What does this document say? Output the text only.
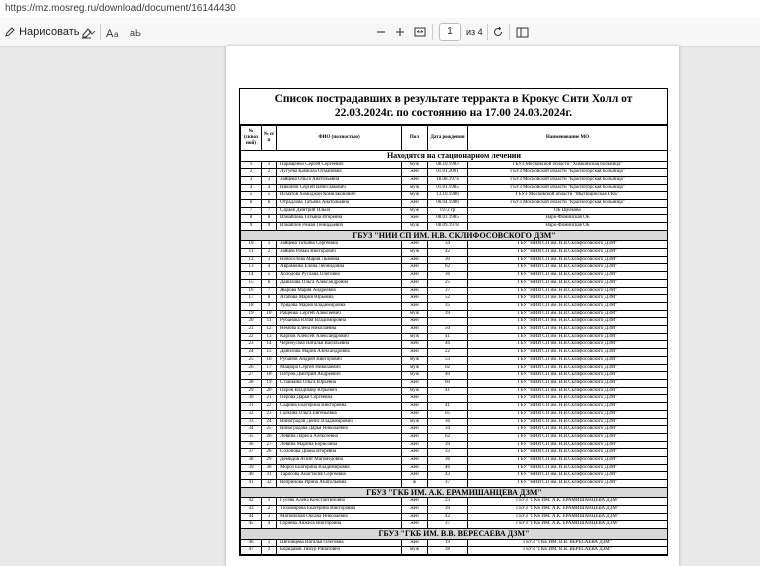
https://mz.mosreg.ru/download/document/16144430
Нарисовать	A a aЬ	1	из 4
Список пострадавших в результате терракта в Крокус Сити Холл от 22.03.2024г. по состоянию на 17.00 24.03.2024г.
№ (сквоз ной)	№ п/п	ФИО (полностью)	Пол	Дата рождения	Наименование МО
Находятся на стационарном лечении					
1	1	Паращенко Сергей Сергеевич	муж	08.10.1983	ГБУЗ Московской области "Химкинская больница"
2	2	Лугуева Камилла Османовна	жен	01.01.2001	ГБУЗ Московской области "Красногорская больница"
3	3	Зайцева Ольга Анатольевна	жен	18.08.1974	ГБУЗ Московской области "Красногорская больница"
4	4	Никонов Сергей Вячеславович	муж	01.01.1985	ГБУЗ Московской области "Красногорская больница"
5	5	Исматов Хомиджон Комилжонович	муж	13.10.1986	ГБУЗ Московской области "Мытищинская ГКБ"
6	6	Отрадлова Татьяна Анатольевна	жен	06.04.1986	ГБУЗ Московской области "Красногорская больница"
7	7	Сараев Дмитрий Ильич	муж	1972 гр	ОБ Щелково
8	8	Измайлова Татьяна Игоревна	жен	08.03.1985	Наро-Фоминская ОБ
9	9	Измайлов Роман Геннадьевич	муж	08.09.1978	Наро-Фоминская ОБ
ГБУЗ "НИИ СП ИМ. Н.В. СКЛИФОСОВСКОГО ДЗМ"					
10	1	Зайцева Татьяна Сергеевна	жен	34	ГБУ "НИИ СП им. Н.В.Склифосовского ДЗМ"
11	2	Зайцев Роман Викторович	муж	42	ГБУ "НИИ СП им. Н.В.Склифосовского ДЗМ"
12	3	Новосёлова Мария Львовна	жен	30	ГБУ "НИИ СП им. Н.В.Склифосовского ДЗМ"
13	4	Авраменко Елена Леонидовна	жен	62	ГБУ "НИИ СП им. Н.В.Склифосовского ДЗМ"
14	5	Холодова Руслана Олеговна	жен	36	ГБУ "НИИ СП им. Н.В.Склифосовского ДЗМ"
15	6	Данилова Ольга Александровна	жен	25	ГБУ "НИИ СП им. Н.В.Склифосовского ДЗМ"
16	7	Жарова Мария Андреевна	жен	37	ГБУ "НИИ СП им. Н.В.Склифосовского ДЗМ"
17	8	Агапова Мария Юрьевна	жен	52	ГБУ "НИИ СП им. Н.В.Склифосовского ДЗМ"
18	9	Урядова Мария Владимировна	жен	35	ГБУ "НИИ СП им. Н.В.Склифосовского ДЗМ"
19	10	Ращенко Сергей Алексеевич	муж	39	ГБУ "НИИ СП им. Н.В.Склифосовского ДЗМ"
20	11	Рубанова Юлия Владимировна	жен		ГБУ "НИИ СП им. Н.В.Склифосовского ДЗМ"
21	12	Немова Елена Николаевна	жен	50	ГБУ "НИИ СП им. Н.В.Склифосовского ДЗМ"
22	13	Карпов Алексей Александрович	муж	41	ГБУ "НИИ СП им. Н.В.Склифосовского ДЗМ"
23	14	Черноусова Наталья Васильевна	жен	46	ГБУ "НИИ СП им. Н.В.Склифосовского ДЗМ"
24	15	Данилова Мария Александровна	жен	22	ГБУ "НИИ СП им. Н.В.Склифосовского ДЗМ"
25	16	Рубанов Андрей Викторович	муж	53	ГБУ "НИИ СП им. Н.В.Склифосовского ДЗМ"
26	17	Мацюра Сергей Николаевич	муж	62	ГБУ "НИИ СП им. Н.В.Склифосовского ДЗМ"
27	18	Петров Дмитрий Андреевич	муж	40	ГБУ "НИИ СП им. Н.В.Склифосовского ДЗМ"
28	19	Сташкина Ольга Юрьевна	жен	60	ГБУ "НИИ СП им. Н.В.Склифосовского ДЗМ"
29	20	Перов Владимир Юрьевич	муж	41	ГБУ "НИИ СП им. Н.В.Склифосовского ДЗМ"
30	21	Перова Дарья Сергеевна	жен		ГБУ "НИИ СП им. Н.В.Склифосовского ДЗМ"
31	22	Сырина Екатерина Викторовна	жен	41	ГБУ "НИИ СП им. Н.В.Склифосовского ДЗМ"
32	23	Галкина Ольга Евгеньевна	жен	65	ГБУ "НИИ СП им. Н.В.Склифосовского ДЗМ"
33	24	Виноградов Денис Владимирович	муж	36	ГБУ "НИИ СП им. Н.В.Склифосовского ДЗМ"
34	25	Виноградова Дарья Николаевна	жен	34	ГБУ "НИИ СП им. Н.В.Склифосовского ДЗМ"
35	26	Левина Лариса Алексеевна	жен	62	ГБУ "НИИ СП им. Н.В.Склифосовского ДЗМ"
36	27	Левина Марина Борисовна	жен	39	ГБУ "НИИ СП им. Н.В.Склифосовского ДЗМ"
37	28	Солонова Диана Игоревна	жен	33	ГБУ "НИИ СП им. Н.В.Склифосовского ДЗМ"
38	29	Демидов Асият Магомедовна	жен	36	ГБУ "НИИ СП им. Н.В.Склифосовского ДЗМ"
39	30	Мороз Екатерина Владимировна	жен	46	ГБУ "НИИ СП им. Н.В.Склифосовского ДЗМ"
40	31	Тарасова Анастасия Сергеевна	жен	43	ГБУ "НИИ СП им. Н.В.Склифосовского ДЗМ"
41	32	Вепринова Ирина Анатольевна	ж	37	ГБУ "НИИ СП им. Н.В.Склифосовского ДЗМ"
ГБУЗ "ГКБ ИМ. А.К. ЕРАМИШАНЦЕВА ДЗМ"					
42	1	Гусева Алена Константиновна	жен	23	ГБУЗ "ГКБ ИМ. А.К. ЕРАМИШАНЦЕВА ДЗМ"
43	2	Тихомирова Екатерина Викторовна	жен	39	ГБУЗ "ГКБ ИМ. А.К. ЕРАМИШАНЦЕВА ДЗМ"
44	3	Матковская Оксана Николаевна	жен	42	ГБУЗ "ГКБ ИМ. А.К. ЕРАМИШАНЦЕВА ДЗМ"
45	4	Горнева Анжела Викторовна	жен	37	ГБУЗ "ГКБ ИМ. А.К. ЕРАМИШАНЦЕВА ДЗМ"
ГБУЗ "ГКБ ИМ. В.В. ВЕРЕСАЕВА ДЗМ"					
46	1	Шеховцева Наталья Олеговна	жен	19	ГБУЗ "ГКБ ИМ. В.В. ВЕРЕСАЕВА ДЗМ"
47	2	Борщанов Тимур Ринатович	муж	38	ГБУЗ "ГКБ ИМ. В.В. ВЕРЕСАЕВА ДЗМ"
